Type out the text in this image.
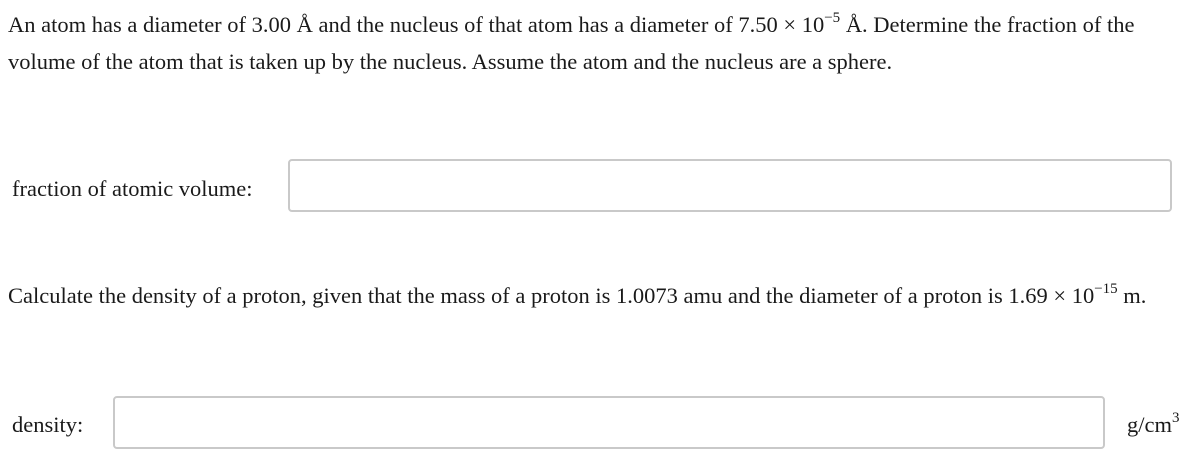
An atom has a diameter of 3.00 Å and the nucleus of that atom has a diameter of $7.50 \times 10^{-5}$ Å. Determine the fraction of the volume of the atom that is taken up by the nucleus. Assume the atom and the nucleus are a sphere.

fraction of atomic volume:

Calculate the density of a proton, given that the mass of a proton is 1.0073 amu and the diameter of a proton is $1.69 \times 10^{-15}$ m.

density:	$g/cm^3$
